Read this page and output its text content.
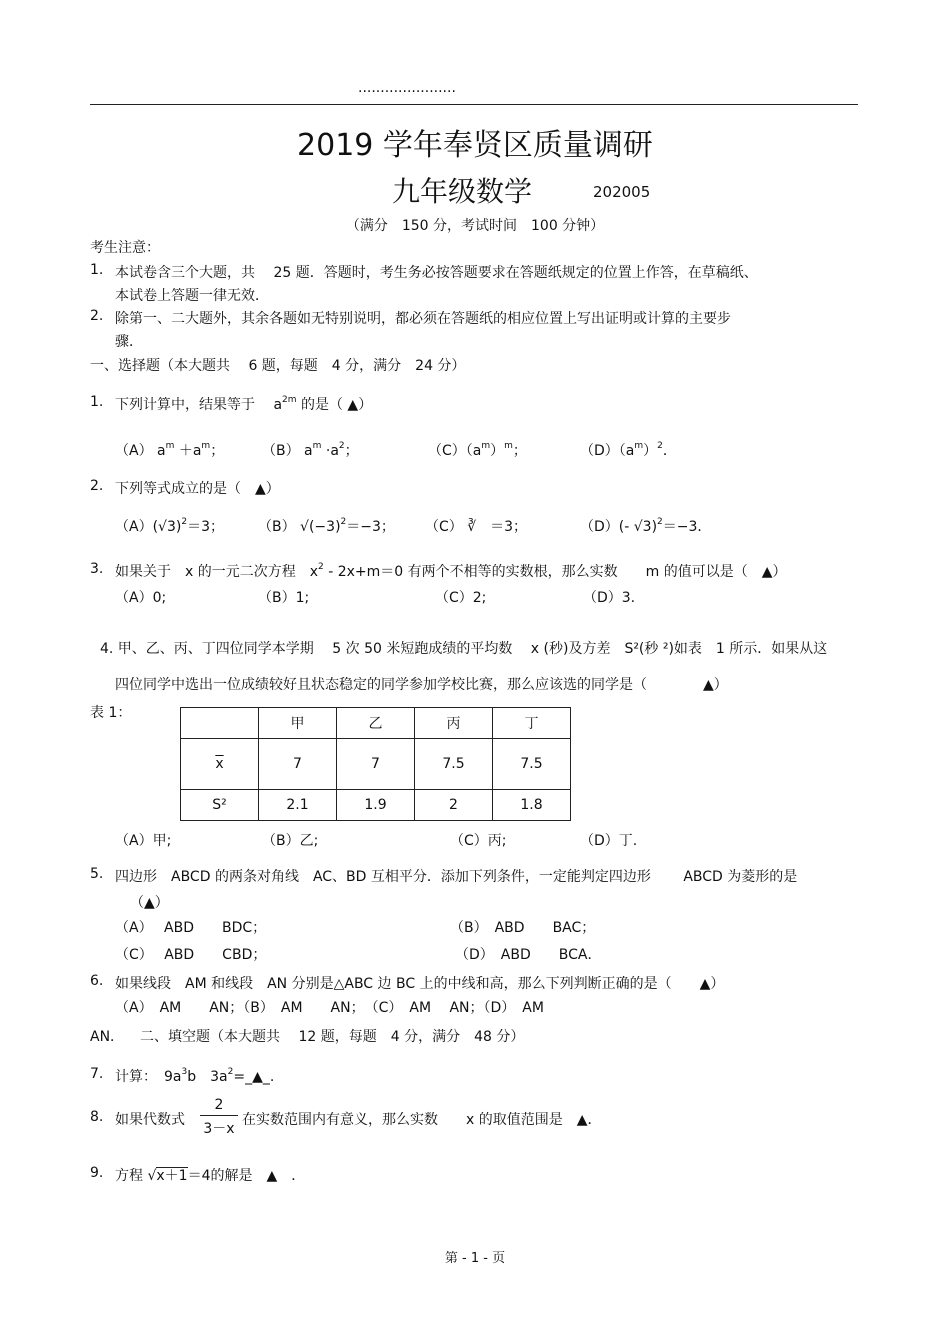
......................
2019 学年奉贤区质量调研
九年级数学	202005
（满分　150 分，考试时间　100 分钟）
考生注意：
1. 本试卷含三个大题，共　 25 题．答题时，考生务必按答题要求在答题纸规定的位置上作答，在草稿纸、
本试卷上答题一律无效．
2. 除第一、二大题外，其余各题如无特别说明，都必须在答题纸的相应位置上写出证明或计算的主要步
骤．
一、选择题（本大题共　 6 题，每题　4 分，满分　24 分）
1. 下列计算中，结果等于　 $a^{2m}$ 的是（ ▲）
（A） $a^m +a^m$；	（B） $a^m \cdot a^2$；	$(C)(a^m)^m$；	$(D)(a^m)^2$．
2. 下列等式成立的是（　▲）
$(A)(√3)^2=3$； （B） $√(-3)^2=-3$； （C） ∛　＝3；	（D）(- √3)$^2$＝−3．
3. 如果关于　x 的一元二次方程　$x^2 - 2x+m=0$ 有两个不相等的实数根，那么实数　　m 的值可以是（　▲）
（A）0;	（B）1;	（C）2;	（D）3.
4. 甲、乙、丙、丁四位同学本学期　 5 次 50 米短跑成绩的平均数　 x (秒)及方差　S²(秒 ²)如表　1 所示．如果从这
四位同学中选出一位成绩较好且状态稳定的同学参加学校比赛，那么应该选的同学是（　　　　▲）
表 1：
	甲	乙	丙	丁
$\overline{x}$	7	7	7.5	7.5
S²	2.1	1.9	2	1.8
（A）甲;	（B）乙;	（C）丙;	（D）丁.
5. 四边形　ABCD 的两条对角线　AC、BD 互相平分．添加下列条件，一定能判定四边形　　 ABCD 为菱形的是
（▲）
（A）　 ABD　　BDC；	（B）　ABD　　BAC；
（C）　 ABD　　CBD；	（D）　ABD　　BCA．
6. 如果线段　AM 和线段　AN 分别是△ABC 边 BC 上的中线和高，那么下列判断正确的是（　　▲）
（A）　AM　　AN；（B）　AM　　AN；　（C）　AM　 AN；（D）　AM
AN． 二、填空题（本大题共　 12 题，每题　4 分，满分　48 分）
7. 计算：　$9a^3b$　$3a^2=\_▲\_$.
8. 如果代数式 $\frac{2}{3-x}$ 在实数范围内有意义，那么实数　　x 的取值范围是　▲．
9. 方程 √x＋1＝4的解是　▲　．
第 - 1 - 页
